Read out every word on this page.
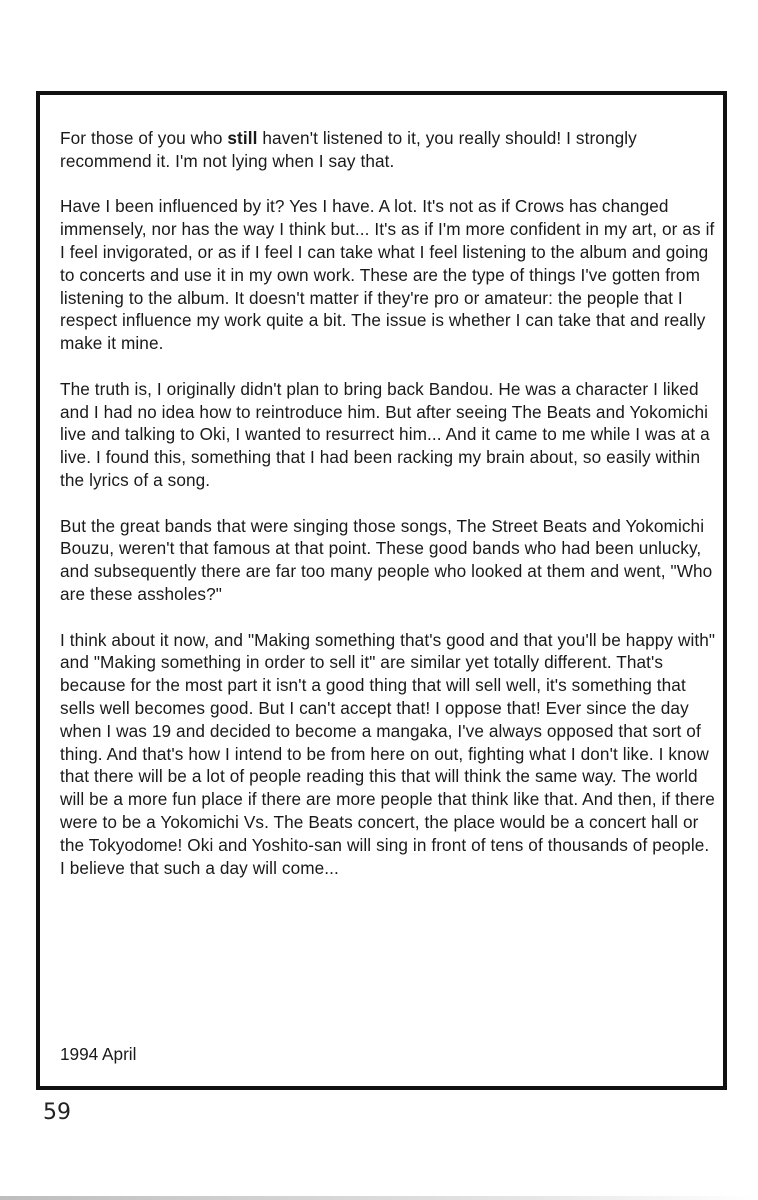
For those of you who still haven't listened to it, you really should! I strongly recommend it. I'm not lying when I say that.

Have I been influenced by it? Yes I have. A lot. It's not as if Crows has changed immensely, nor has the way I think but... It's as if I'm more confident in my art, or as if I feel invigorated, or as if I feel I can take what I feel listening to the album and going to concerts and use it in my own work. These are the type of things I've gotten from listening to the album. It doesn't matter if they're pro or amateur: the people that I respect influence my work quite a bit. The issue is whether I can take that and really make it mine.

The truth is, I originally didn't plan to bring back Bandou. He was a character I liked and I had no idea how to reintroduce him. But after seeing The Beats and Yokomichi live and talking to Oki, I wanted to resurrect him... And it came to me while I was at a live. I found this, something that I had been racking my brain about, so easily within the lyrics of a song.

But the great bands that were singing those songs, The Street Beats and Yokomichi Bouzu, weren't that famous at that point. These good bands who had been unlucky, and subsequently there are far too many people who looked at them and went, "Who are these assholes?"

I think about it now, and "Making something that's good and that you'll be happy with" and "Making something in order to sell it" are similar yet totally different. That's because for the most part it isn't a good thing that will sell well, it's something that sells well becomes good. But I can't accept that! I oppose that! Ever since the day when I was 19 and decided to become a mangaka, I've always opposed that sort of thing. And that's how I intend to be from here on out, fighting what I don't like. I know that there will be a lot of people reading this that will think the same way. The world will be a more fun place if there are more people that think like that. And then, if there were to be a Yokomichi Vs. The Beats concert, the place would be a concert hall or the Tokyodome! Oki and Yoshito-san will sing in front of tens of thousands of people. I believe that such a day will come...

1994 April
59
